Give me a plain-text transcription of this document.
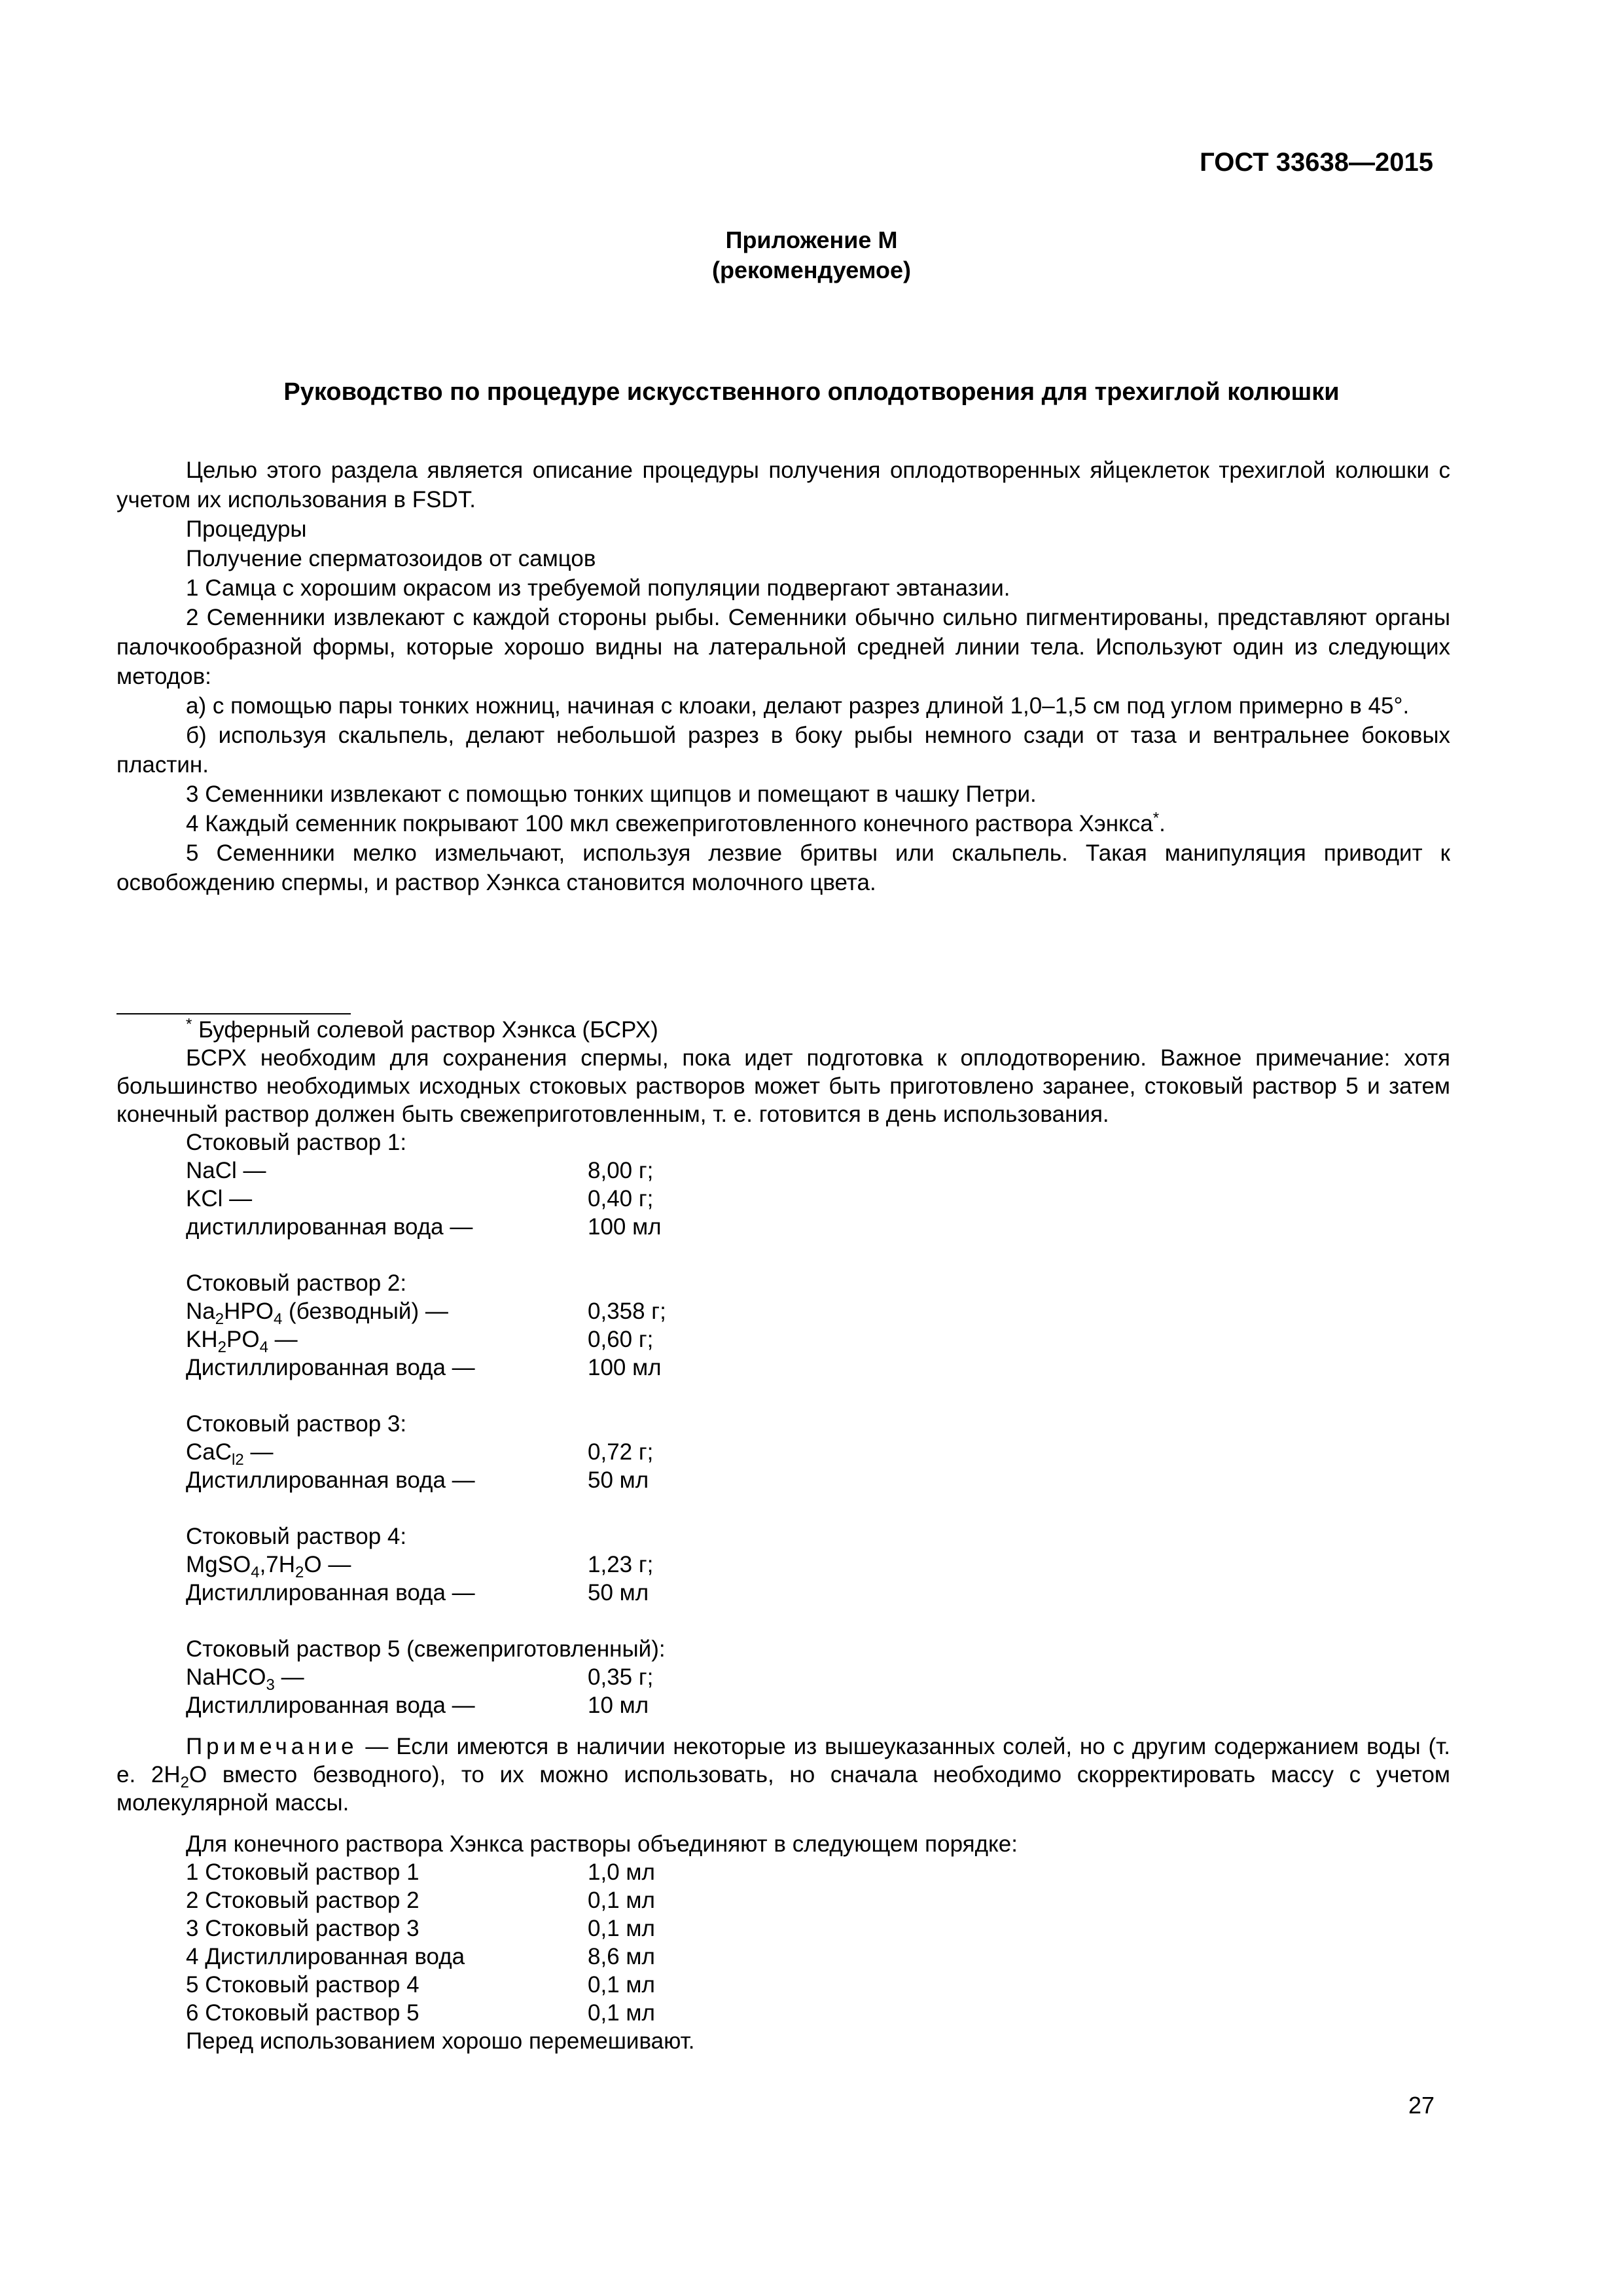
ГОСТ 33638—2015
Приложение М
(рекомендуемое)
Руководство по процедуре искусственного оплодотворения для трехиглой колюшки

Целью этого раздела является описание процедуры получения оплодотворенных яйцеклеток трехиглой колюшки с учетом их использования в FSDT.

Процедуры

Получение сперматозоидов от самцов

1 Самца с хорошим окрасом из требуемой популяции подвергают эвтаназии.

2 Семенники извлекают с каждой стороны рыбы. Семенники обычно сильно пигментированы, представляют органы палочкообразной формы, которые хорошо видны на латеральной средней линии тела. Используют один из следующих методов:

а) с помощью пары тонких ножниц, начиная с клоаки, делают разрез длиной 1,0–1,5 см под углом примерно в 45°.

б) используя скальпель, делают небольшой разрез в боку рыбы немного сзади от таза и вентральнее боковых пластин.

3 Семенники извлекают с помощью тонких щипцов и помещают в чашку Петри.

4 Каждый семенник покрывают 100 мкл свежеприготовленного конечного раствора Хэнкса*.

5 Семенники мелко измельчают, используя лезвие бритвы или скальпель. Такая манипуляция приводит к освобождению спермы, и раствор Хэнкса становится молочного цвета.

* Буферный солевой раствор Хэнкса (БСРХ)

БСРХ необходим для сохранения спермы, пока идет подготовка к оплодотворению. Важное примечание: хотя большинство необходимых исходных стоковых растворов может быть приготовлено заранее, стоковый раствор 5 и затем конечный раствор должен быть свежеприготовленным, т. е. готовится в день использования.

Стоковый раствор 1:
NaCl —	8,00 г;
KCl —	0,40 г;
дистиллированная вода —	100 мл
Стоковый раствор 2:
$Na_2HPO_4$ (безводный) —	0,358 г;
$KH_2PO_4$ —	0,60 г;
Дистиллированная вода —	100 мл
Стоковый раствор 3:
CaC$_{l2}$ —	0,72 г;
Дистиллированная вода —	50 мл
Стоковый раствор 4:
$MgSO_4,7H_2O$ —	1,23 г;
Дистиллированная вода —	50 мл
Стоковый раствор 5 (свежеприготовленный):
NaHCO$_3$ —	0,35 г;
Дистиллированная вода —	10 мл

Примечание — Если имеются в наличии некоторые из вышеуказанных солей, но с другим содержанием воды (т. е. $2H_2O$ вместо безводного), то их можно использовать, но сначала необходимо скорректировать массу с учетом молекулярной массы.

Для конечного раствора Хэнкса растворы объединяют в следующем порядке:
1 Стоковый раствор 1	1,0 мл
2 Стоковый раствор 2	0,1 мл
3 Стоковый раствор 3	0,1 мл
4 Дистиллированная вода	8,6 мл
5 Стоковый раствор 4	0,1 мл
6 Стоковый раствор 5	0,1 мл
Перед использованием хорошо перемешивают.
27
